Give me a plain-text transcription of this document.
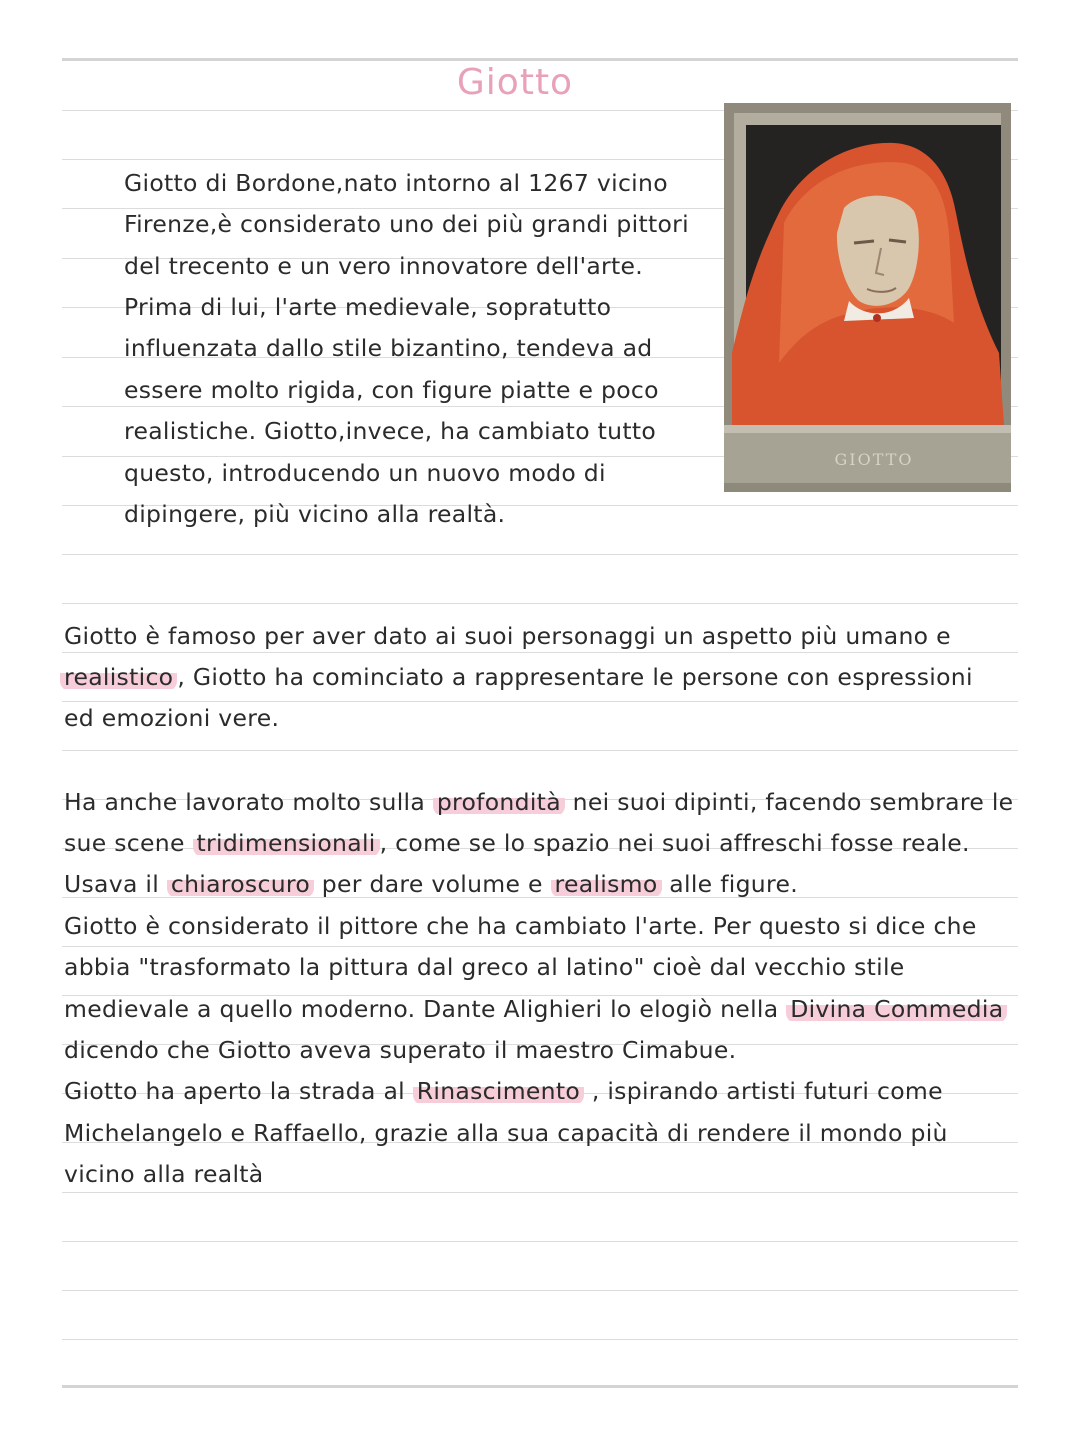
Giotto
GIOTTO
Giotto di Bordone,nato intorno al 1267 vicino
Firenze,è considerato uno dei più grandi pittori
del trecento e un vero innovatore dell'arte.
Prima di lui, l'arte medievale, sopratutto
influenzata dallo stile bizantino, tendeva ad
essere molto rigida, con figure piatte e poco
realistiche. Giotto,invece, ha cambiato tutto
questo, introducendo un nuovo modo di
dipingere, più vicino alla realtà.
Giotto è famoso per aver dato ai suoi personaggi un aspetto più umano e
realistico , Giotto ha cominciato a rappresentare le persone con espressioni
ed emozioni vere.
Ha anche lavorato molto sulla profondità nei suoi dipinti, facendo sembrare le
sue scene tridimensionali , come se lo spazio nei suoi affreschi fosse reale.
Usava il chiaroscuro per dare volume e realismo alle figure.
Giotto è considerato il pittore che ha cambiato l'arte. Per questo si dice che
abbia "trasformato la pittura dal greco al latino" cioè dal vecchio stile
medievale a quello moderno. Dante Alighieri lo elogiò nella Divina Commedia
dicendo che Giotto aveva superato il maestro Cimabue.
Giotto ha aperto la strada al Rinascimento , ispirando artisti futuri come
Michelangelo e Raffaello, grazie alla sua capacità di rendere il mondo più
vicino alla realtà
